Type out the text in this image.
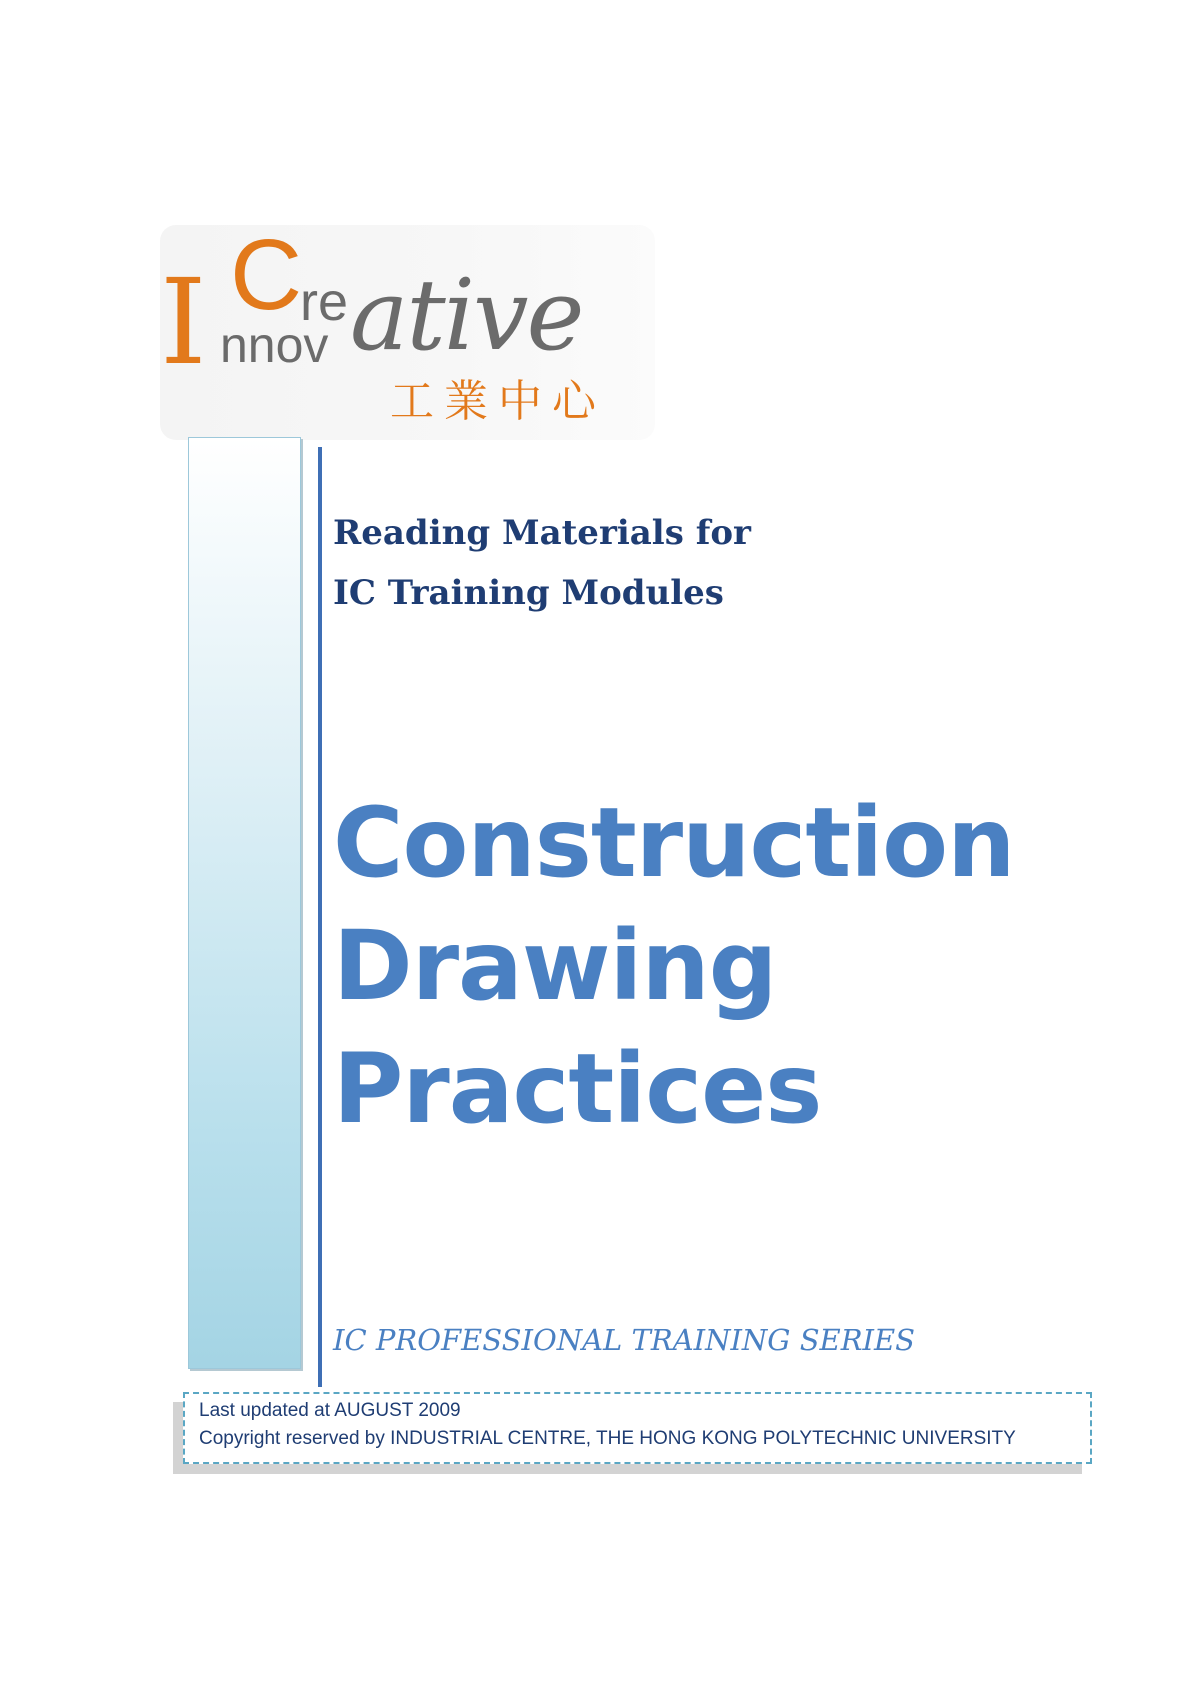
I C
re
nnov ative
工業中心
Reading Materials for
IC Training Modules
Construction
Drawing
Practices
IC PROFESSIONAL TRAINING SERIES
Last updated at AUGUST 2009
Copyright reserved by INDUSTRIAL CENTRE, THE HONG KONG POLYTECHNIC UNIVERSITY
